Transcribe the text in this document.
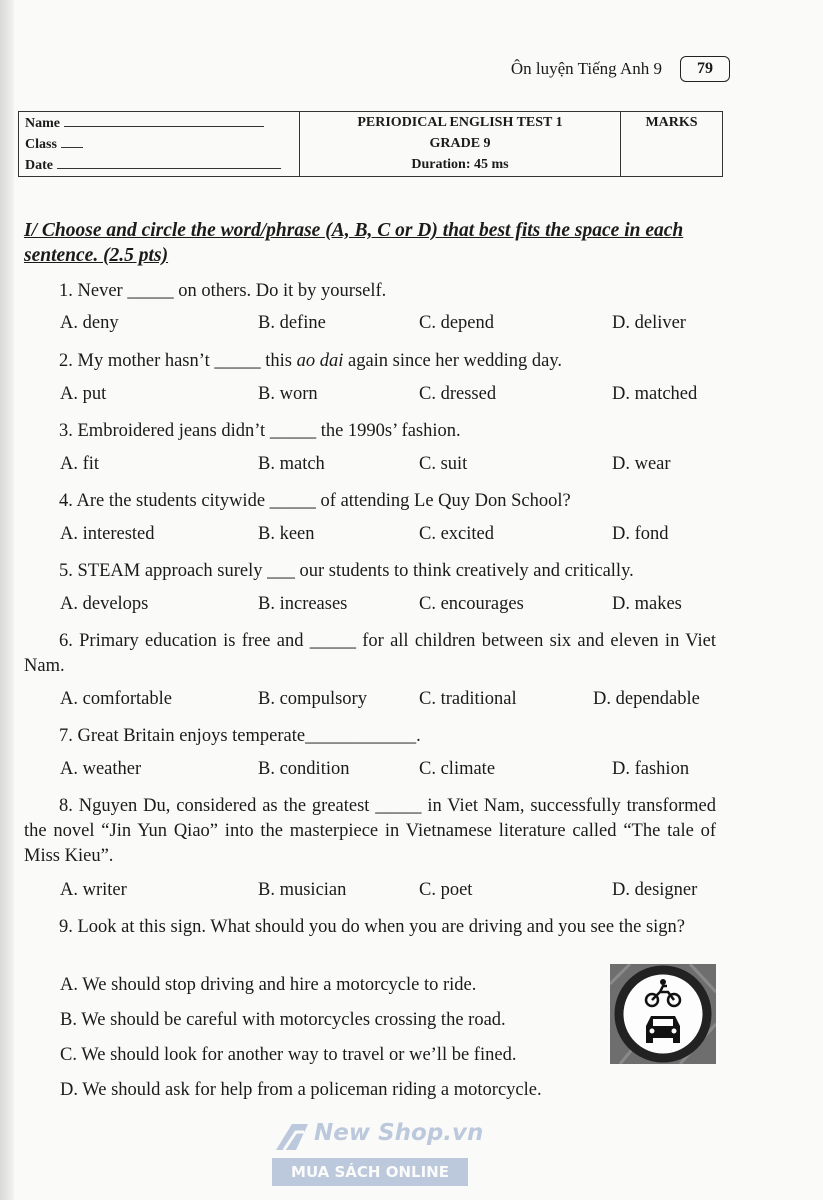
Ôn luyện Tiếng Anh 9	79
Name
Class
Date

PERIODICAL ENGLISH TEST 1
GRADE 9
Duration: 45 ms

MARKS
I/ Choose and circle the word/phrase (A, B, C or D) that best fits the space in each sentence. (2.5 pts)
1. Never _____ on others. Do it by yourself.
A. deny	B. define	C. depend	D. deliver
2. My mother hasn’t _____ this ao dai again since her wedding day.
A. put	B. worn	C. dressed	D. matched
3. Embroidered jeans didn’t _____ the 1990s’ fashion.
A. fit	B. match	C. suit	D. wear
4. Are the students citywide _____ of attending Le Quy Don School?
A. interested	B. keen	C. excited	D. fond
5. STEAM approach surely ___ our students to think creatively and critically.
A. develops	B. increases	C. encourages	D. makes
6. Primary education is free and _____ for all children between six and eleven in Viet Nam.
A. comfortable	B. compulsory	C. traditional	D. dependable
7. Great Britain enjoys temperate____________.
A. weather	B. condition	C. climate	D. fashion
8. Nguyen Du, considered as the greatest _____ in Viet Nam, successfully transformed the novel “Jin Yun Qiao” into the masterpiece in Vietnamese literature called “The tale of Miss Kieu”.
A. writer	B. musician	C. poet	D. designer
9. Look at this sign. What should you do when you are driving and you see the sign?
A. We should stop driving and hire a motorcycle to ride.
B. We should be careful with motorcycles crossing the road.
C. We should look for another way to travel or we’ll be fined.
D. We should ask for help from a policeman riding a motorcycle.
New Shop.vn
MUA SÁCH ONLINE
